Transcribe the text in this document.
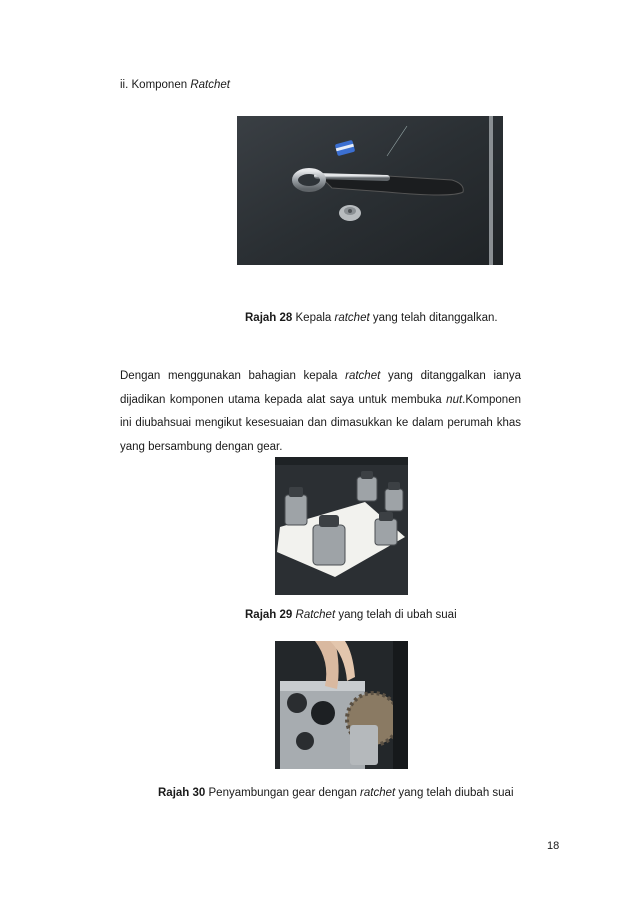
ii. Komponen Ratchet
Rajah 28 Kepala ratchet yang telah ditanggalkan.
Dengan menggunakan bahagian kepala ratchet yang ditanggalkan ianya dijadikan komponen utama kepada alat saya untuk membuka nut.Komponen ini diubahsuai mengikut kesesuaian dan dimasukkan ke dalam perumah khas yang bersambung dengan gear.
Rajah 29 Ratchet yang telah di ubah suai
Rajah 30 Penyambungan gear dengan ratchet yang telah diubah suai
18
